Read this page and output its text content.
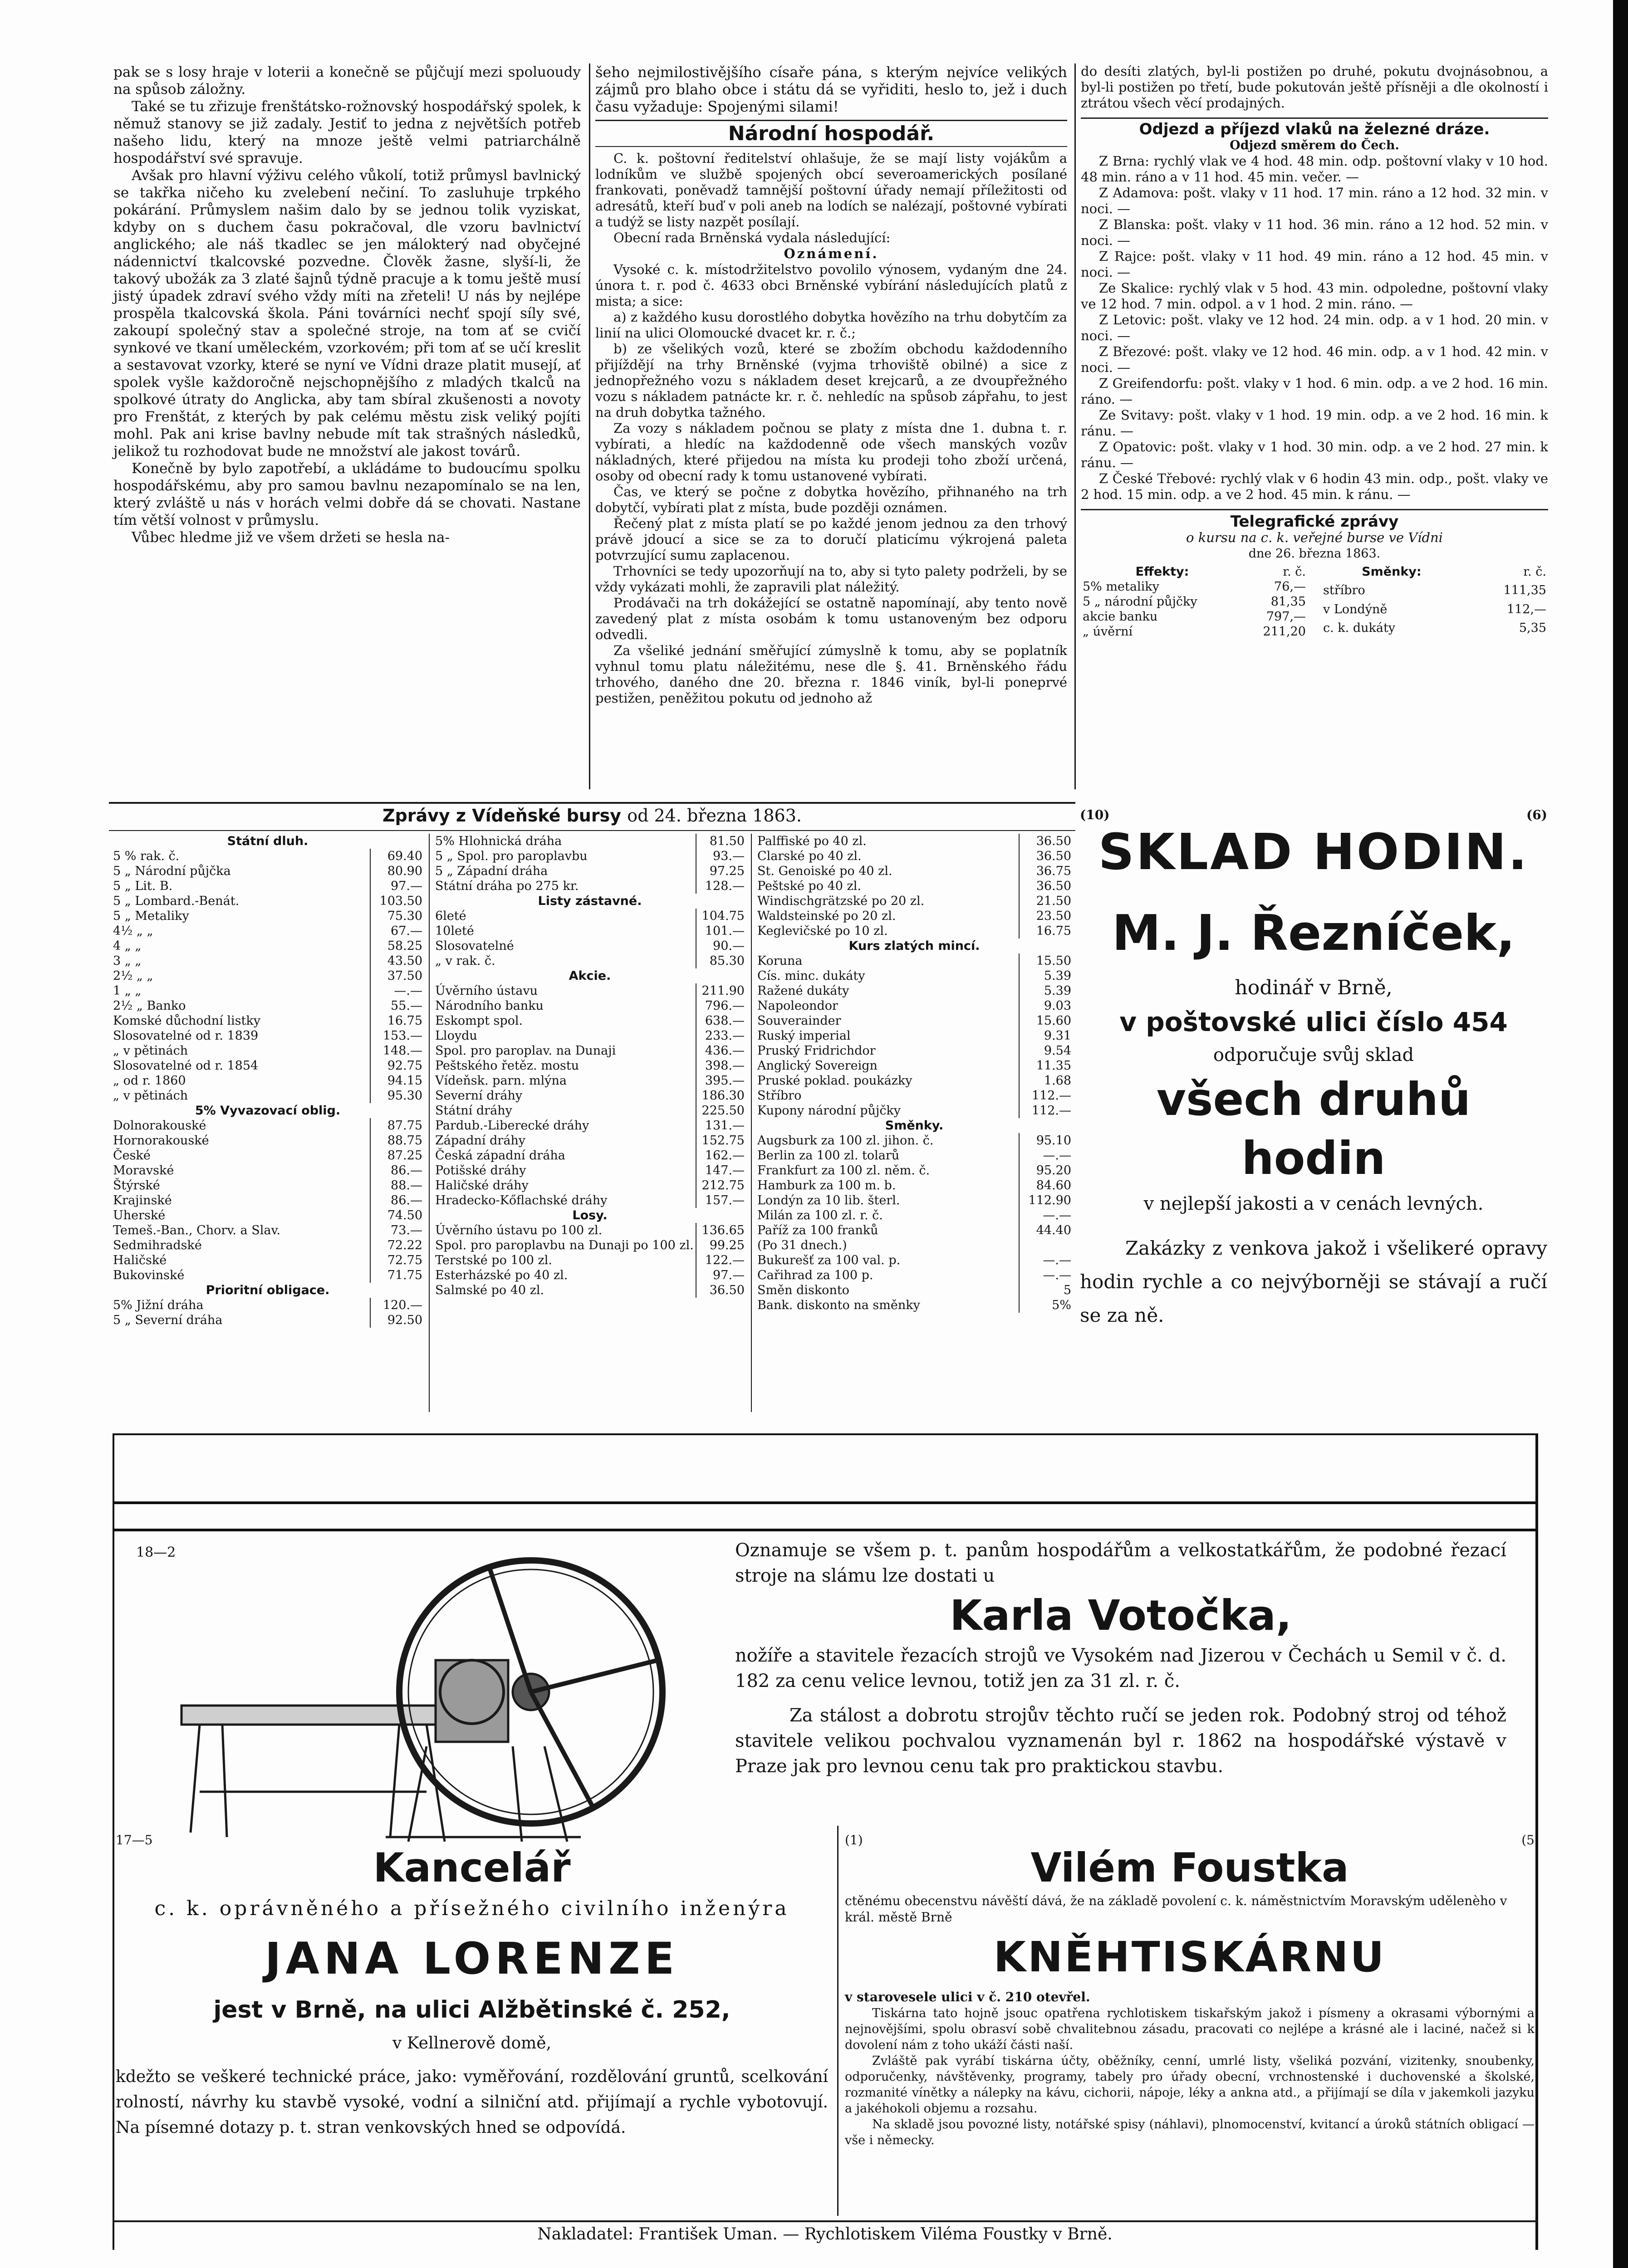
pak se s losy hraje v loterii a konečně se půjčují mezi spoluoudy na spůsob záložny.

Také se tu zřizuje frenštátsko-rožnovský hospodářský spolek, k němuž stanovy se již zadaly. Jestiť to jedna z největších potřeb našeho lidu, který na mnoze ještě velmi patriarchálně hospodářství své spravuje.

Avšak pro hlavní výživu celého vůkolí, totiž průmysl bavlnický se takřka ničeho ku zvelebení nečiní. To zasluhuje trpkého pokárání. Průmyslem našim dalo by se jednou tolik vyziskat, kdyby on s duchem času pokračoval, dle vzoru bavlnictví anglického; ale náš tkadlec se jen málokterý nad obyčejné nádennictví tkalcovské pozvedne. Člověk žasne, slyší-li, že takový ubožák za 3 zlaté šajnů týdně pracuje a k tomu ještě musí jistý úpadek zdraví svého vždy míti na zřeteli! U nás by nejlépe prospěla tkalcovská škola. Páni továrníci nechť spojí síly své, zakoupí společný stav a společné stroje, na tom ať se cvičí synkové ve tkaní uměleckém, vzorkovém; při tom ať se učí kreslit a sestavovat vzorky, které se nyní ve Vídni draze platit musejí, ať spolek vyšle každoročně nejschopnějšího z mladých tkalců na spolkové útraty do Anglicka, aby tam sbíral zkušenosti a novoty pro Frenštát, z kterých by pak celému městu zisk veliký pojíti mohl. Pak ani krise bavlny nebude mít tak strašných následků, jelikož tu rozhodovat bude ne množství ale jakost továrů.

Konečně by bylo zapotřebí, a ukládáme to budoucímu spolku hospodářskému, aby pro samou bavlnu nezapomínalo se na len, který zvláště u nás v horách velmi dobře dá se chovati. Nastane tím větší volnost v průmyslu.

Vůbec hledme již ve všem držeti se hesla na-

šeho nejmilostivějšího císaře pána, s kterým nejvíce velikých zájmů pro blaho obce i státu dá se vyřiditi, heslo to, jež i duch času vyžaduje: Spojenými silami!

Národní hospodář.

C. k. poštovní ředitelství ohlašuje, že se mají listy vojákům a lodníkům ve službě spojených obcí severoamerických posílané frankovati, poněvadž tamnější poštovní úřady nemají příležitosti od adresátů, kteří buď v poli aneb na lodích se nalézají, poštovné vybírati a tudýž se listy nazpět posílají.

Obecní rada Brněnská vydala následující:

Oznámení.

Vysoké c. k. místodržitelstvo povolilo výnosem, vydaným dne 24. února t. r. pod č. 4633 obci Brněnské vybírání následujících platů z mista; a sice:

a) z každého kusu dorostlého dobytka hovězího na trhu dobytčím za linií na ulici Olomoucké dvacet kr. r. č.;

b) ze všelikých vozů, které se zbožím obchodu každodenního přijíždějí na trhy Brněnské (vyjma trhoviště obilné) a sice z jednopřežného vozu s nákladem deset krejcarů, a ze dvoupřežného vozu s nákladem patnácte kr. r. č. nehledíc na spůsob zápřahu, to jest na druh dobytka tažného.

Za vozy s nákladem počnou se platy z místa dne 1. dubna t. r. vybírati, a hledíc na každodenně ode všech manských vozův nákladných, které přijedou na místa ku prodeji toho zboží určená, osoby od obecní rady k tomu ustanovené vybírati.

Čas, ve který se počne z dobytka hovězího, přihnaného na trh dobytčí, vybírati plat z místa, bude později oznámen.

Řečený plat z místa platí se po každé jenom jednou za den trhový právě jdoucí a sice se za to doručí platicímu výkrojená paleta potvrzující sumu zaplacenou.

Trhovníci se tedy upozorňují na to, aby si tyto palety podrželi, by se vždy vykázati mohli, že zapravili plat náležitý.

Prodávači na trh dokážející se ostatně napomínají, aby tento nově zavedený plat z místa osobám k tomu ustanoveným bez odporu odvedli.

Za všeliké jednání směřující zúmyslně k tomu, aby se poplatník vyhnul tomu platu náležitému, nese dle §. 41. Brněnského řádu trhového, daného dne 20. března r. 1846 viník, byl-li poneprvé pestižen, peněžitou pokutu od jednoho až

do desíti zlatých, byl-li postižen po druhé, pokutu dvojnásobnou, a byl-li postižen po třetí, bude pokutován ještě přísněji a dle okolností i ztrátou všech věcí prodajných.

Odjezd a příjezd vlaků na železné dráze.
Odjezd směrem do Čech.

Z Brna: rychlý vlak ve 4 hod. 48 min. odp. poštovní vlaky v 10 hod. 48 min. ráno a v 11 hod. 45 min. večer. —

Z Adamova: pošt. vlaky v 11 hod. 17 min. ráno a 12 hod. 32 min. v noci. —

Z Blanska: pošt. vlaky v 11 hod. 36 min. ráno a 12 hod. 52 min. v noci. —

Z Rajce: pošt. vlaky v 11 hod. 49 min. ráno a 12 hod. 45 min. v noci. —

Ze Skalice: rychlý vlak v 5 hod. 43 min. odpoledne, poštovní vlaky ve 12 hod. 7 min. odpol. a v 1 hod. 2 min. ráno. —

Z Letovic: pošt. vlaky ve 12 hod. 24 min. odp. a v 1 hod. 20 min. v noci. —

Z Březové: pošt. vlaky ve 12 hod. 46 min. odp. a v 1 hod. 42 min. v noci. —

Z Greifendorfu: pošt. vlaky v 1 hod. 6 min. odp. a ve 2 hod. 16 min. ráno. —

Ze Svitavy: pošt. vlaky v 1 hod. 19 min. odp. a ve 2 hod. 16 min. k ránu. —

Z Opatovic: pošt. vlaky v 1 hod. 30 min. odp. a ve 2 hod. 27 min. k ránu. —

Z České Třebové: rychlý vlak v 6 hodin 43 min. odp., pošt. vlaky ve 2 hod. 15 min. odp. a ve 2 hod. 45 min. k ránu. —

Telegrafické zprávy
o kursu na c. k. veřejné burse ve Vídni
dne 26. března 1863.
Effekty:	r. č.
5% metaliky	76,—
5 „ národní půjčky	81,35
akcie banku	797,—
„ úvěrní	211,20
Směnky:	r. č.
stříbro	111,35
v Londýně	112,—
c. k. dukáty	5,35
Zprávy z Vídeňské bursy od 24. března 1863.
Státní dluh.	
5 % rak. č.	69.40
5 „ Národní půjčka	80.90
5 „ Lit. B.	97.—
5 „ Lombard.-Benát.	103.50
5 „ Metaliky	75.30
4½ „ „	67.—
4 „ „	58.25
3 „ „	43.50
2½ „ „	37.50
1 „ „	—.—
2½ „ Banko	55.—
Komské důchodní listky	16.75
Slosovatelné od r. 1839	153.—
„ v pětinách	148.—
Slosovatelné od r. 1854	92.75
„ od r. 1860	94.15
„ v pětinách	95.30
5% Vyvazovací oblig.	
Dolnorakouské	87.75
Hornorakouské	88.75
České	87.25
Moravské	86.—
Štýrské	88.—
Krajinské	86.—
Uherské	74.50
Temeš.-Ban., Chorv. a Slav.	73.—
Sedmihradské	72.22
Haličské	72.75
Bukovinské	71.75
Prioritní obligace.	
5% Jižní dráha	120.—
5 „ Severní dráha	92.50
5% Hlohnická dráha	81.50
5 „ Spol. pro paroplavbu	93.—
5 „ Západní dráha	97.25
Státní dráha po 275 kr.	128.—
Listy zástavné.	
6leté	104.75
10leté	101.—
Slosovatelné	90.—
„ v rak. č.	85.30
Akcie.	
Úvěrního ústavu	211.90
Národního banku	796.—
Eskompt spol.	638.—
Lloydu	233.—
Spol. pro paroplav. na Dunaji	436.—
Peštského řetěz. mostu	398.—
Vídeňsk. parn. mlýna	395.—
Severní dráhy	186.30
Státní dráhy	225.50
Pardub.-Liberecké dráhy	131.—
Západní dráhy	152.75
Česká západní dráha	162.—
Potišské dráhy	147.—
Haličské dráhy	212.75
Hradecko-Kőflachské dráhy	157.—
Losy.	
Úvěrního ústavu po 100 zl.	136.65
Spol. pro paroplavbu na Dunaji po 100 zl.	99.25
Terstské po 100 zl.	122.—
Esterházské po 40 zl.	97.—
Salmské po 40 zl.	36.50
Palffiské po 40 zl.	36.50
Clarské po 40 zl.	36.50
St. Genoiské po 40 zl.	36.75
Peštské po 40 zl.	36.50
Windischgrätzské po 20 zl.	21.50
Waldsteinské po 20 zl.	23.50
Keglevičské po 10 zl.	16.75
Kurs zlatých mincí.	
Koruna	15.50
Cís. minc. dukáty	5.39
Ražené dukáty	5.39
Napoleondor	9.03
Souverainder	15.60
Ruský imperial	9.31
Pruský Fridrichdor	9.54
Anglický Sovereign	11.35
Pruské poklad. poukázky	1.68
Stříbro	112.—
Kupony národní půjčky	112.—
Směnky.	
Augsburk za 100 zl. jihon. č.	95.10
Berlin za 100 zl. tolarů	—.—
Frankfurt za 100 zl. něm. č.	95.20
Hamburk za 100 m. b.	84.60
Londýn za 10 lib. šterl.	112.90
Milán za 100 zl. r. č.	—.—
Paříž za 100 franků	44.40
(Po 31 dnech.)	
Bukurešť za 100 val. p.	—.—
Cařihrad za 100 p.	—.—
Směn diskonto	5
Bank. diskonto na směnky	5%
(10)	(6)
SKLAD HODIN.
M. J. Řezníček,
hodinář v Brně,
v poštovské ulici číslo 454
odporučuje svůj sklad
všech druhů hodin
v nejlepší jakosti a v cenách levných.
Zakázky z venkova jakož i všelikeré opravy hodin rychle a co nejvýborněji se stávají a ručí se za ně.
18—2	Oznamuje se všem p. t. panům hospodářům a velkostatkářům, že podobné řezací stroje na slámu lze dostati u
Karla Votočka,
nožíře a stavitele řezacích strojů ve Vysokém nad Jizerou v Čechách u Semil v č. d. 182 za cenu velice levnou, totiž jen za 31 zl. r. č.
Za stálost a dobrotu strojův těchto ručí se jeden rok. Podobný stroj od téhož stavitele velikou pochvalou vyznamenán byl r. 1862 na hospodářské výstavě v Praze jak pro levnou cenu tak pro praktickou stavbu.
17—5
Kancelář
c. k. oprávněného a přísežného civilního inženýra
JANA LORENZE
jest v Brně, na ulici Alžbětinské č. 252,
v Kellnerově domě,
kdežto se veškeré technické práce, jako: vyměřování, rozdělování gruntů, scelkování rolností, návrhy ku stavbě vysoké, vodní a silniční atd. přijímají a rychle vybotovují. Na písemné dotazy p. t. stran venkovských hned se odpovídá.
(1)	(5
Vilém Foustka
ctěnému obecenstvu návěští dává, že na základě povolení c. k. náměstnictvím Moravským udělenèho v král. městě Brně
KNĚHTISKÁRNU
v starovesele ulici v č. 210 otevřel.
Tiskárna tato hojně jsouc opatřena rychlotiskem tiskařským jakož i písmeny a okrasami výbornými a nejnovějšími, spolu obrasví sobě chvalitebnou zásadu, pracovati co nejlépe a krásné ale i laciné, načež si k dovolení nám z toho ukáží části naší.
Zvláště pak vyrábí tiskárna účty, oběžníky, cenní, umrlé listy, všeliká pozvání, vizitenky, snoubenky, odporučenky, návštěvenky, programy, tabely pro úřady obecní, vrchnostenské i duchovenské a školské, rozmanité vínětky a nálepky na kávu, cichorii, nápoje, léky a ankna atd., a přijímají se díla v jakemkoli jazyku a jakéhokoli objemu a rozsahu.
Na skladě jsou povozné listy, notářské spisy (náhlavi), plnomocenství, kvitancí a úroků státních obligací — vše i německy.
Nakladatel: František Uman. — Rychlotiskem Viléma Foustky v Brně.
